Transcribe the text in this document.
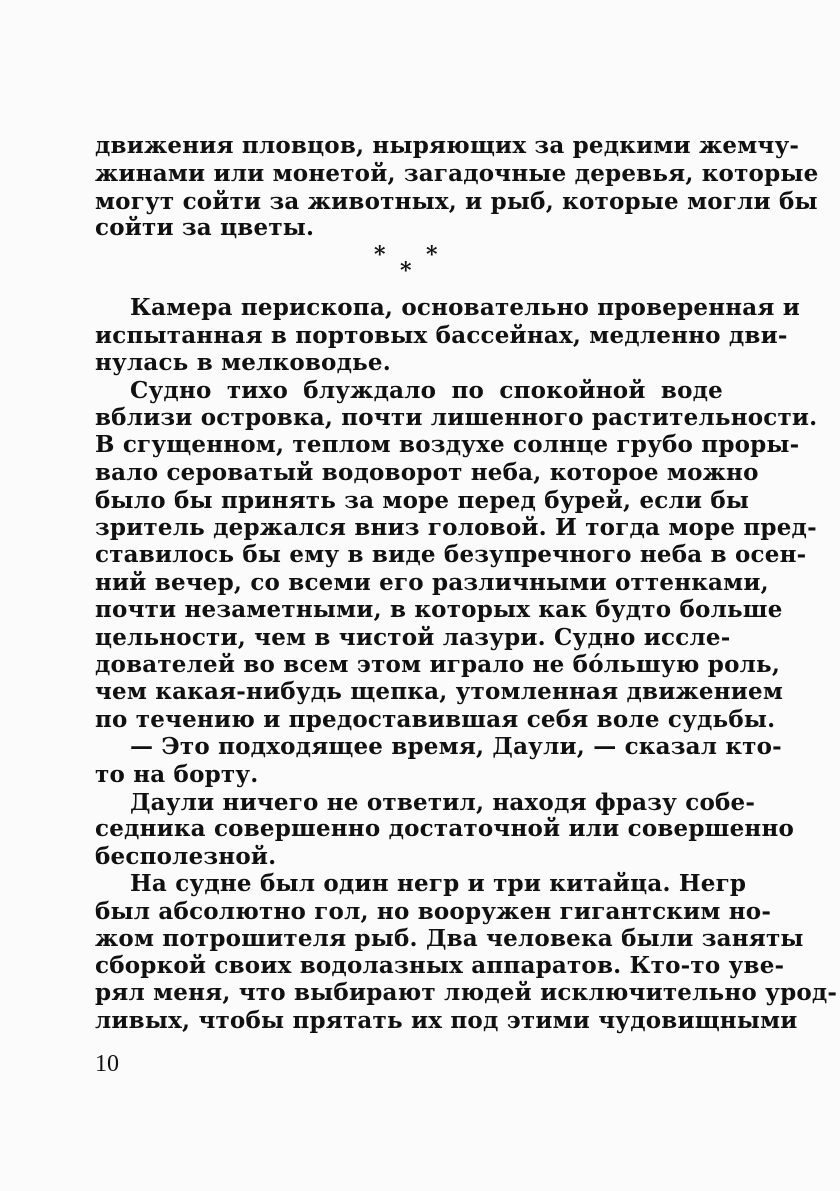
движения пловцов, ныряющих за редкими жемчу-
жинами или монетой, загадочные деревья, которые
могут сойти за животных, и рыб, которые могли бы
сойти за цветы.
*
*
*
Камера перископа, основательно проверенная и
испытанная в портовых бассейнах, медленно дви-
нулась в мелководье.
Судно тихо блуждало по спокойной воде
вблизи островка, почти лишенного растительности.
В сгущенном, теплом воздухе солнце грубо проры-
вало сероватый водоворот неба, которое можно
было бы принять за море перед бурей, если бы
зритель держался вниз головой. И тогда море пред-
ставилось бы ему в виде безупречного неба в осен-
ний вечер, со всеми его различными оттенками,
почти незаметными, в которых как будто больше
цельности, чем в чистой лазури. Судно иссле-
дователей во всем этом играло не бóльшую роль,
чем какая-нибудь щепка, утомленная движением
по течению и предоставившая себя воле судьбы.
— Это подходящее время, Даули, — сказал кто-
то на борту.
Даули ничего не ответил, находя фразу собе-
седника совершенно достаточной или совершенно
бесполезной.
На судне был один негр и три китайца. Негр
был абсолютно гол, но вооружен гигантским но-
жом потрошителя рыб. Два человека были заняты
сборкой своих водолазных аппаратов. Кто-то уве-
рял меня, что выбирают людей исключительно урод-
ливых, чтобы прятать их под этими чудовищными
10
